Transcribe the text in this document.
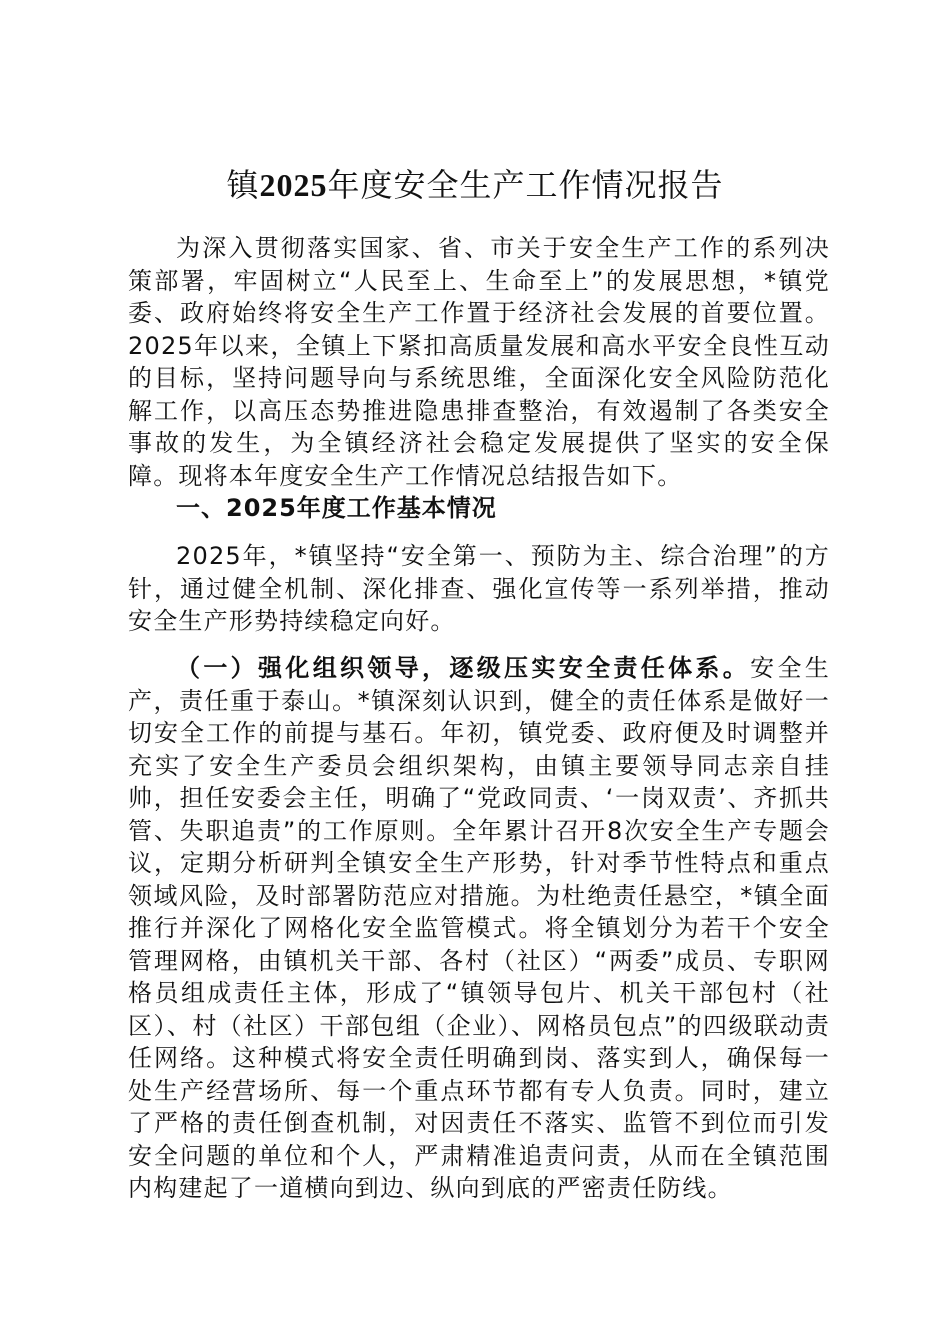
镇2025年度安全生产工作情况报告

为深入贯彻落实国家、省、市关于安全生产工作的系列决策部署，牢固树立“人民至上、生命至上”的发展思想，*镇党委、政府始终将安全生产工作置于经济社会发展的首要位置。2025年以来，全镇上下紧扣高质量发展和高水平安全良性互动的目标，坚持问题导向与系统思维，全面深化安全风险防范化解工作，以高压态势推进隐患排查整治，有效遏制了各类安全事故的发生，为全镇经济社会稳定发展提供了坚实的安全保障。现将本年度安全生产工作情况总结报告如下。

一、2025年度工作基本情况

2025年，*镇坚持“安全第一、预防为主、综合治理”的方针，通过健全机制、深化排查、强化宣传等一系列举措，推动安全生产形势持续稳定向好。

（一）强化组织领导，逐级压实安全责任体系。安全生产，责任重于泰山。*镇深刻认识到，健全的责任体系是做好一切安全工作的前提与基石。年初，镇党委、政府便及时调整并充实了安全生产委员会组织架构，由镇主要领导同志亲自挂帅，担任安委会主任，明确了“党政同责、‘一岗双责’、齐抓共管、失职追责”的工作原则。全年累计召开8次安全生产专题会议，定期分析研判全镇安全生产形势，针对季节性特点和重点领域风险，及时部署防范应对措施。为杜绝责任悬空，*镇全面推行并深化了网格化安全监管模式。将全镇划分为若干个安全管理网格，由镇机关干部、各村（社区）“两委”成员、专职网格员组成责任主体，形成了“镇领导包片、机关干部包村（社区）、村（社区）干部包组（企业）、网格员包点”的四级联动责任网络。这种模式将安全责任明确到岗、落实到人，确保每一处生产经营场所、每一个重点环节都有专人负责。同时，建立了严格的责任倒查机制，对因责任不落实、监管不到位而引发安全问题的单位和个人，严肃精准追责问责，从而在全镇范围内构建起了一道横向到边、纵向到底的严密责任防线。
